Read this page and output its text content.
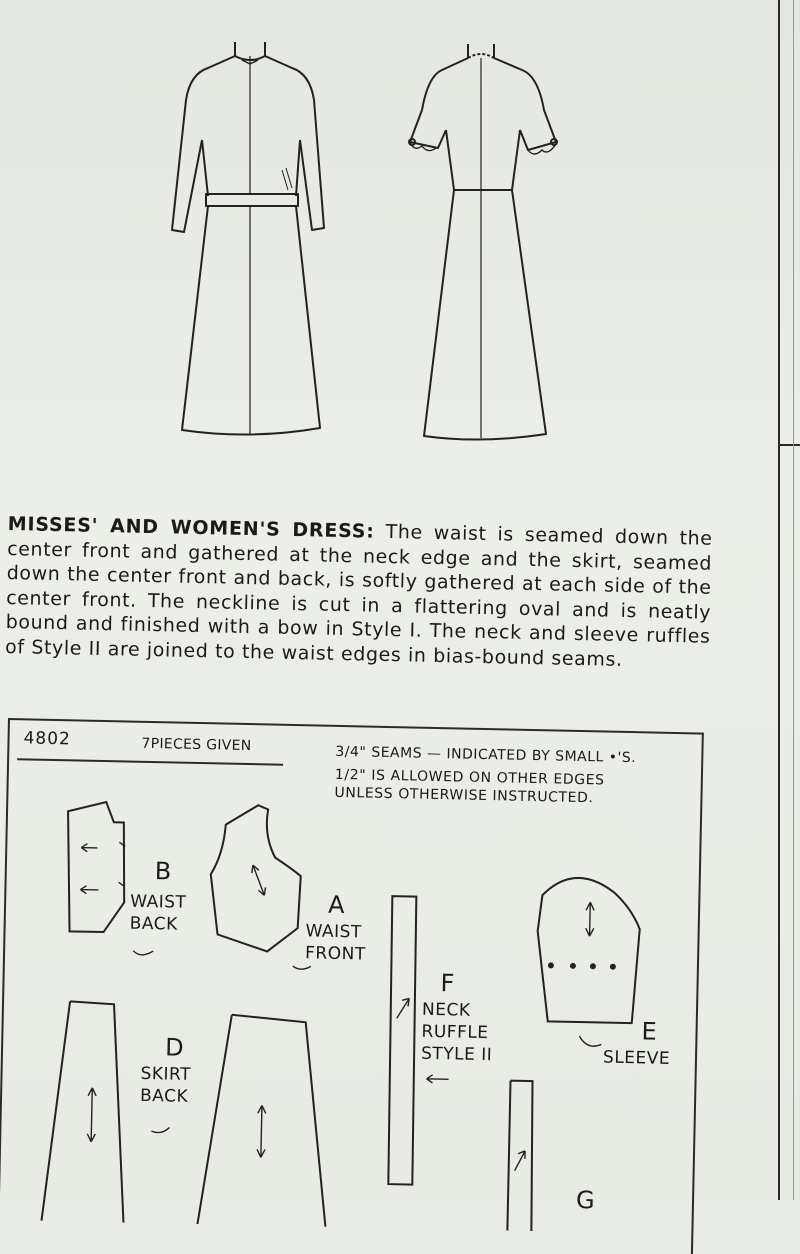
MISSES' AND WOMEN'S DRESS: The waist is seamed down the center front and gathered at the neck edge and the skirt, seamed down the center front and back, is softly gathered at each side of the center front. The neckline is cut in a flattering oval and is neatly bound and finished with a bow in Style I. The neck and sleeve ruffles of Style II are joined to the waist edges in bias-bound seams.
4802	7PIECES GIVEN	3/4" SEAMS — INDICATED BY SMALL •'S.
1/2" IS ALLOWED ON OTHER EDGES
UNLESS OTHERWISE INSTRUCTED.
B
WAIST
BACK
A
WAIST
FRONT
F
NECK
RUFFLE
STYLE II
E
SLEEVE
D
SKIRT
BACK
G
